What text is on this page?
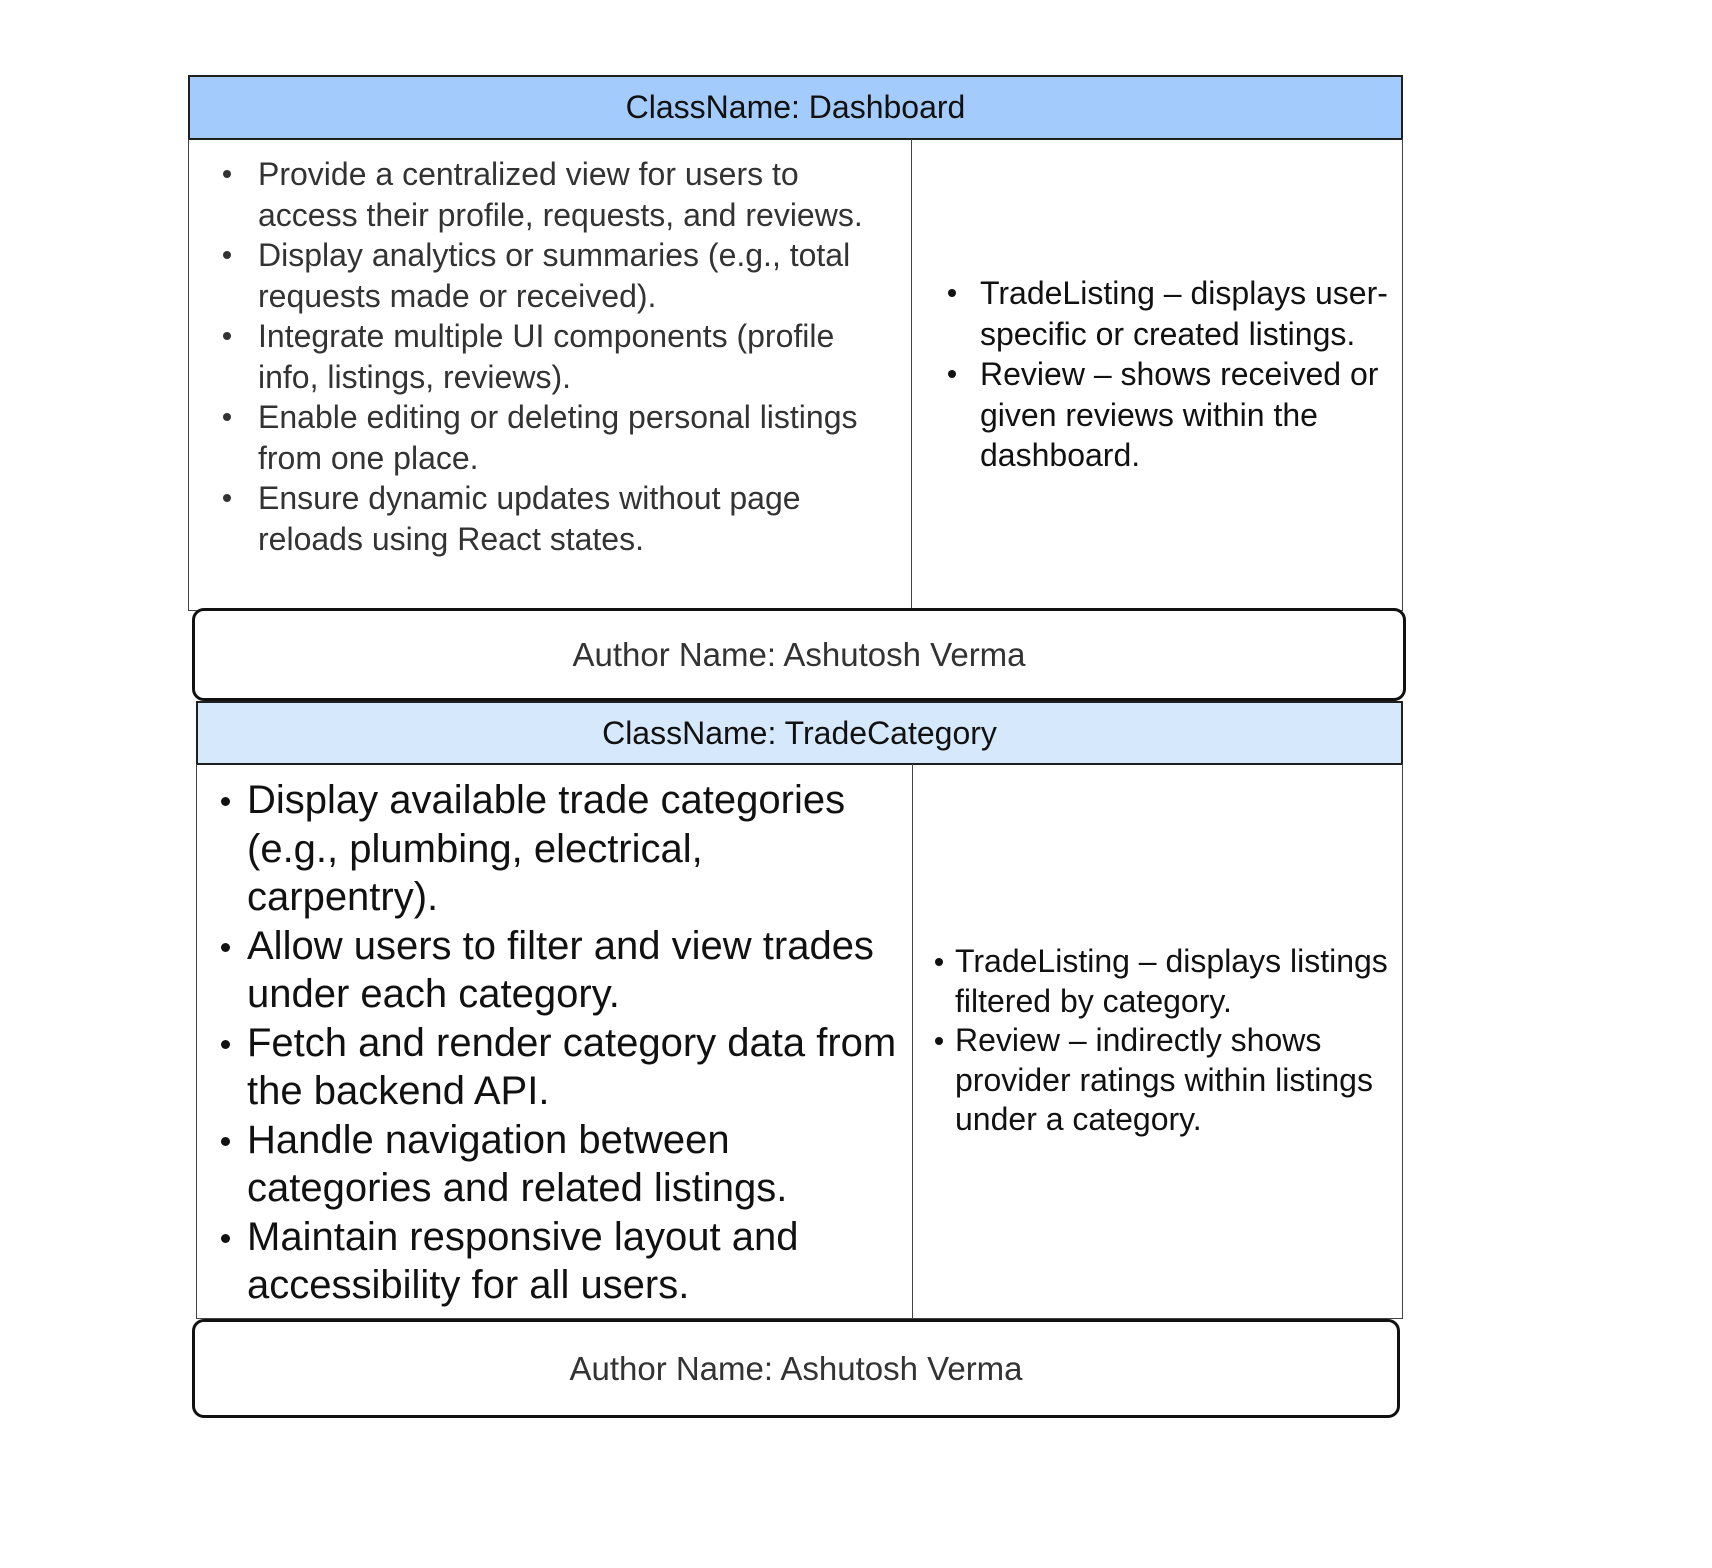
ClassName: Dashboard
Provide a centralized view for users to access their profile, requests, and reviews.
Display analytics or summaries (e.g., total requests made or received).
Integrate multiple UI components (profile info, listings, reviews).
Enable editing or deleting personal listings from one place.
Ensure dynamic updates without page reloads using React states.
TradeListing – displays user-specific or created listings.
Review – shows received or given reviews within the dashboard.
Author Name: Ashutosh Verma
ClassName: TradeCategory
Display available trade categories (e.g., plumbing, electrical, carpentry).
Allow users to filter and view trades under each category.
Fetch and render category data from the backend API.
Handle navigation between categories and related listings.
Maintain responsive layout and accessibility for all users.
TradeListing – displays listings filtered by category.
Review – indirectly shows provider ratings within listings under a category.
Author Name: Ashutosh Verma
